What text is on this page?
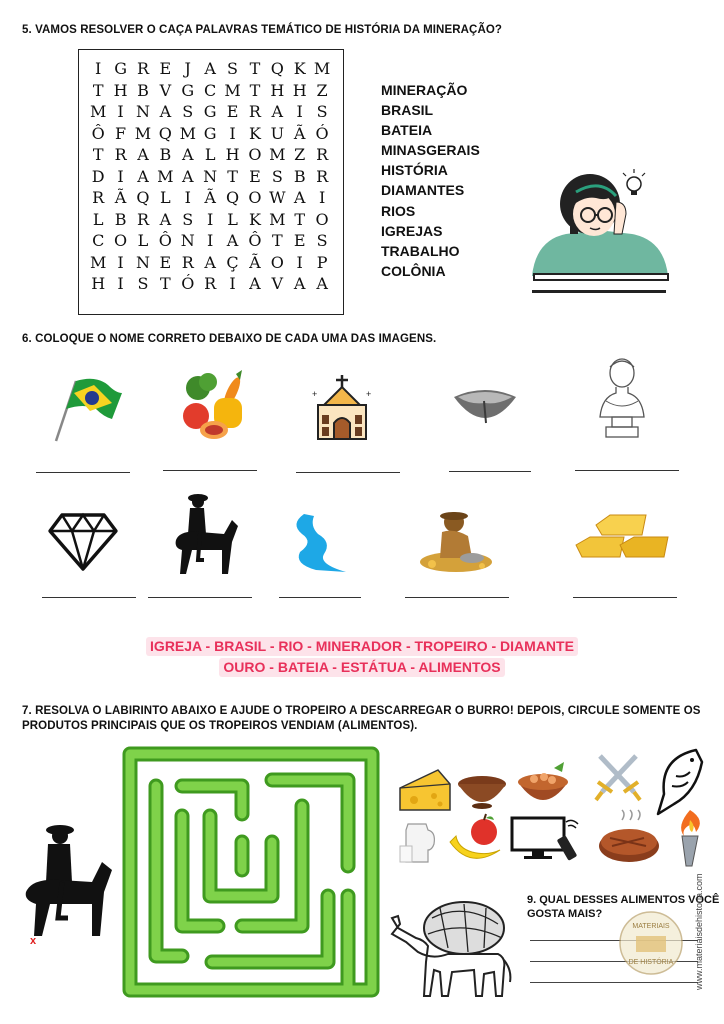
5. VAMOS RESOLVER O CAÇA PALAVRAS TEMÁTICO DE HISTÓRIA DA MINERAÇÃO?
I G R E J A S T Q K M
T H B V G C M T H H Z
M I N A S G E R A I S
Ô F M Q M G I K U Ã Ó
T R A B A L H O M Z R
D I A M A N T E S B R
R Ã Q L I Ã Q O W A I
L B R A S I L K M T O
C O L Ô N I A Ô T E S
M I N E R A Ç Ã O I P
H I S T Ó R I A V A A
MINERAÇÃO
BRASIL
BATEIA
MINASGERAIS
HISTÓRIA
DIAMANTES
RIOS
IGREJAS
TRABALHO
COLÔNIA
6. COLOQUE O NOME CORRETO DEBAIXO DE CADA UMA DAS IMAGENS.
+	+
IGREJA - BRASIL - RIO - MINERADOR - TROPEIRO - DIAMANTE
OURO - BATEIA - ESTÁTUA - ALIMENTOS
7. RESOLVA O LABIRINTO ABAIXO E AJUDE O TROPEIRO A DESCARREGAR O BURRO! DEPOIS, CIRCULE SOMENTE OS PRODUTOS PRINCIPAIS QUE OS TROPEIROS VENDIAM (ALIMENTOS).
x
9. QUAL DESSES ALIMENTOS VOCÊ GOSTA MAIS?
MATERIAIS
DE HISTÓRIA www.materiaisdehistoria.com
